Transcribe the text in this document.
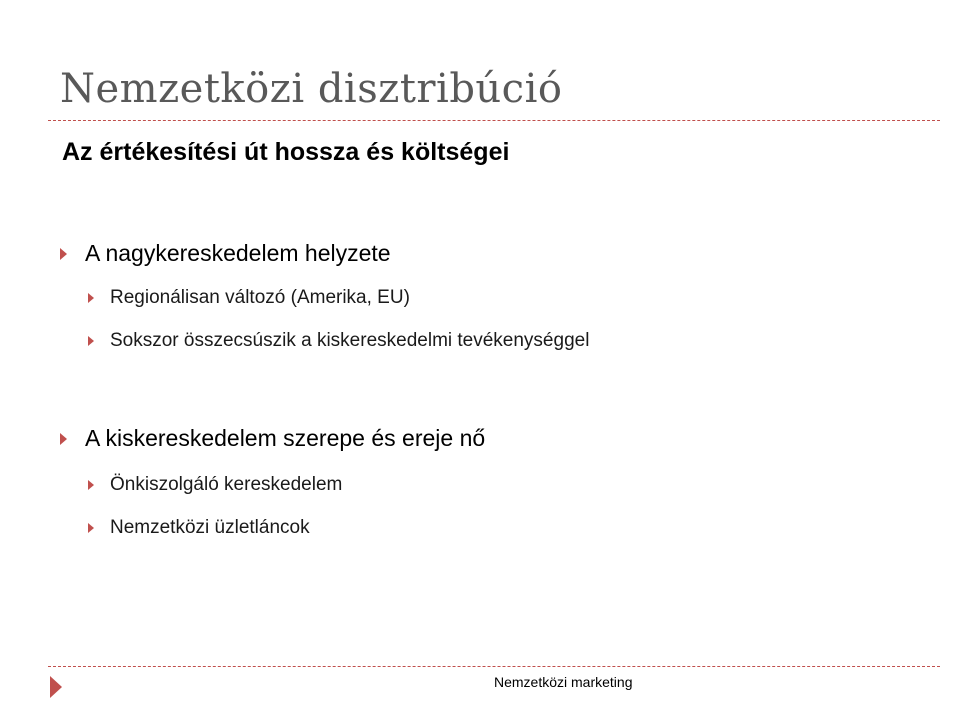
Nemzetközi disztribúció
Az értékesítési út hossza és költségei
A nagykereskedelem helyzete
Regionálisan változó (Amerika, EU)
Sokszor összecsúszik a kiskereskedelmi tevékenységgel
A kiskereskedelem szerepe és ereje nő
Önkiszolgáló kereskedelem
Nemzetközi üzletláncok
Nemzetközi marketing
